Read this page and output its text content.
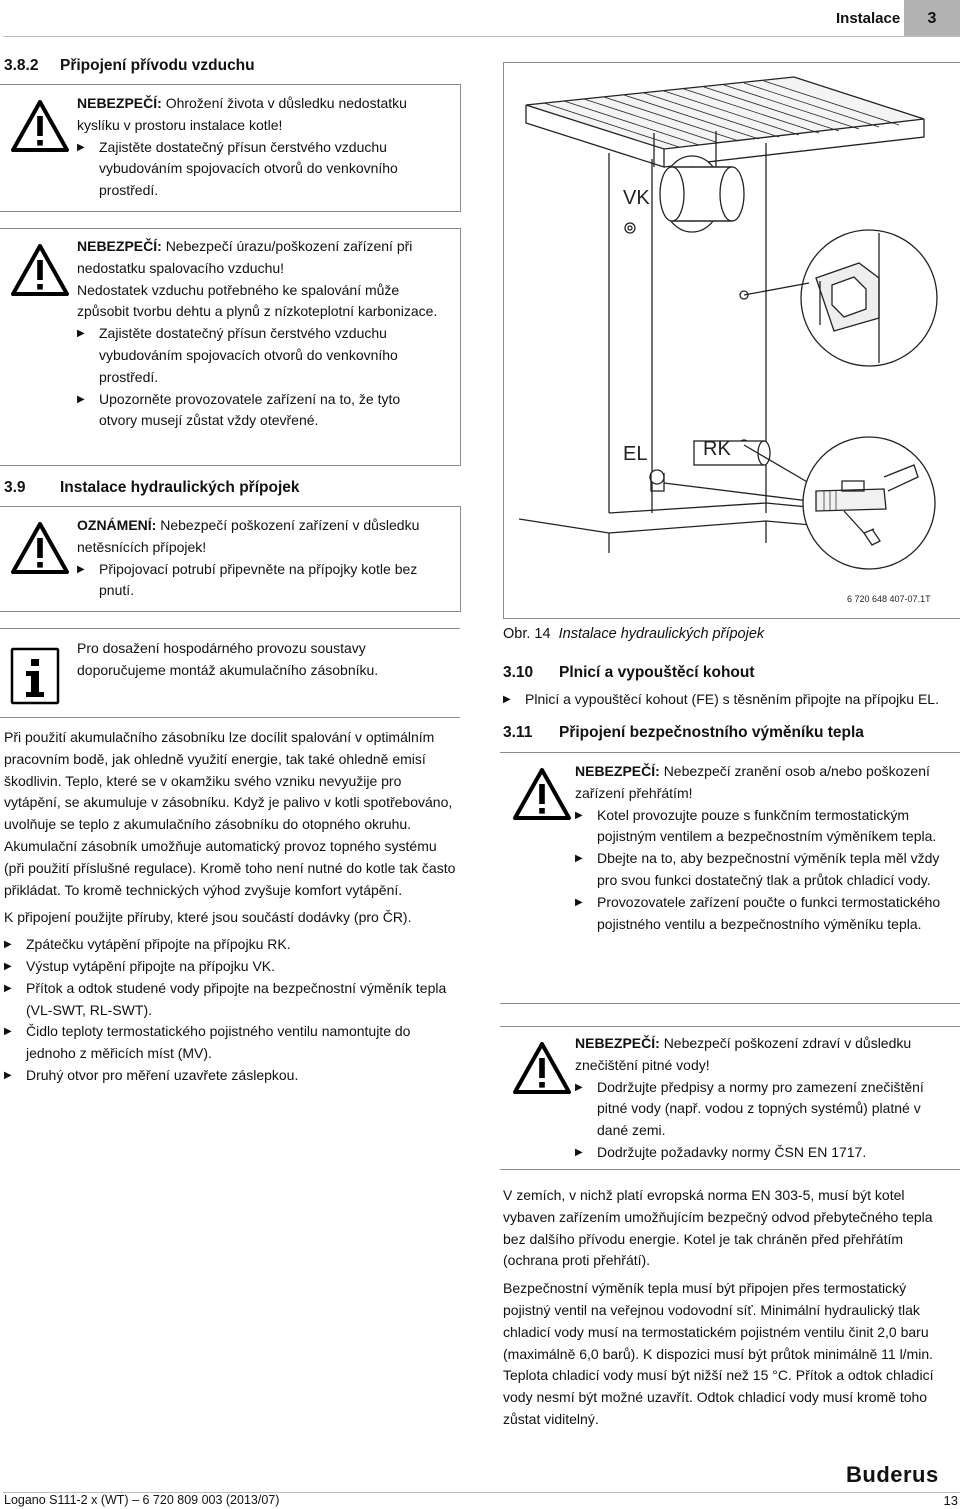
Instalace	3
3.8.2 Připojení přívodu vzduchu
NEBEZPEČÍ: Ohrožení života v důsledku nedostatku kyslíku v prostoru instalace kotle!
▶ Zajistěte dostatečný přísun čerstvého vzduchu vybudováním spojovacích otvorů do venkovního prostředí.
NEBEZPEČÍ: Nebezpečí úrazu/poškození zařízení při nedostatku spalovacího vzduchu!
Nedostatek vzduchu potřebného ke spalování může způsobit tvorbu dehtu a plynů z nízkoteplotní karbonizace.
▶ Zajistěte dostatečný přísun čerstvého vzduchu vybudováním spojovacích otvorů do venkovního prostředí.
▶ Upozorněte provozovatele zařízení na to, že tyto otvory musejí zůstat vždy otevřené.
3.9 Instalace hydraulických přípojek
OZNÁMENÍ: Nebezpečí poškození zařízení v důsledku netěsnících přípojek!
▶ Připojovací potrubí připevněte na přípojky kotle bez pnutí.
Pro dosažení hospodárného provozu soustavy doporučujeme montáž akumulačního zásobníku.
Při použití akumulačního zásobníku lze docílit spalování v optimálním pracovním bodě, jak ohledně využití energie, tak také ohledně emisí škodlivin. Teplo, které se v okamžiku svého vzniku nevyužije pro vytápění, se akumuluje v zásobníku. Když je palivo v kotli spotřebováno, uvolňuje se teplo z akumulačního zásobníku do otopného okruhu. Akumulační zásobník umožňuje automatický provoz topného systému (při použití příslušné regulace). Kromě toho není nutné do kotle tak často přikládat. To kromě technických výhod zvyšuje komfort vytápění.
K připojení použijte příruby, které jsou součástí dodávky (pro ČR).
▶ Zpátečku vytápění připojte na přípojku RK.
▶ Výstup vytápění připojte na přípojku VK.
▶ Přítok a odtok studené vody připojte na bezpečnostní výměník tepla (VL-SWT, RL-SWT).
▶ Čidlo teploty termostatického pojistného ventilu namontujte do jednoho z měřicích míst (MV).
▶ Druhý otvor pro měření uzavřete záslepkou.
VK
EL	RK
6 720 648 407-07.1T
Obr. 14 Instalace hydraulických přípojek
3.10 Plnicí a vypouštěcí kohout
▶ Plnicí a vypouštěcí kohout (FE) s těsněním připojte na přípojku EL.
3.11 Připojení bezpečnostního výměníku tepla
NEBEZPEČÍ: Nebezpečí zranění osob a/nebo poškození zařízení přehřátím!
▶ Kotel provozujte pouze s funkčním termostatickým pojistným ventilem a bezpečnostním výměníkem tepla.
▶ Dbejte na to, aby bezpečnostní výměník tepla měl vždy pro svou funkci dostatečný tlak a průtok chladicí vody.
▶ Provozovatele zařízení poučte o funkci termostatického pojistného ventilu a bezpečnostního výměníku tepla.
NEBEZPEČÍ: Nebezpečí poškození zdraví v důsledku znečištění pitné vody!
▶ Dodržujte předpisy a normy pro zamezení znečištění pitné vody (např. vodou z topných systémů) platné v dané zemi.
▶ Dodržujte požadavky normy ČSN EN 1717.
V zemích, v nichž platí evropská norma EN 303-5, musí být kotel vybaven zařízením umožňujícím bezpečný odvod přebytečného tepla bez dalšího přívodu energie. Kotel je tak chráněn před přehřátím (ochrana proti přehřátí).
Bezpečnostní výměník tepla musí být připojen přes termostatický pojistný ventil na veřejnou vodovodní síť. Minimální hydraulický tlak chladicí vody musí na termostatickém pojistném ventilu činit 2,0 baru (maximálně 6,0 barů). K dispozici musí být průtok minimálně 11 l/min. Teplota chladicí vody musí být nižší než 15 °C. Přítok a odtok chladicí vody nesmí být možné uzavřít. Odtok chladicí vody musí kromě toho zůstat viditelný.
Buderus
Logano S111-2 x (WT) – 6 720 809 003 (2013/07)	13
